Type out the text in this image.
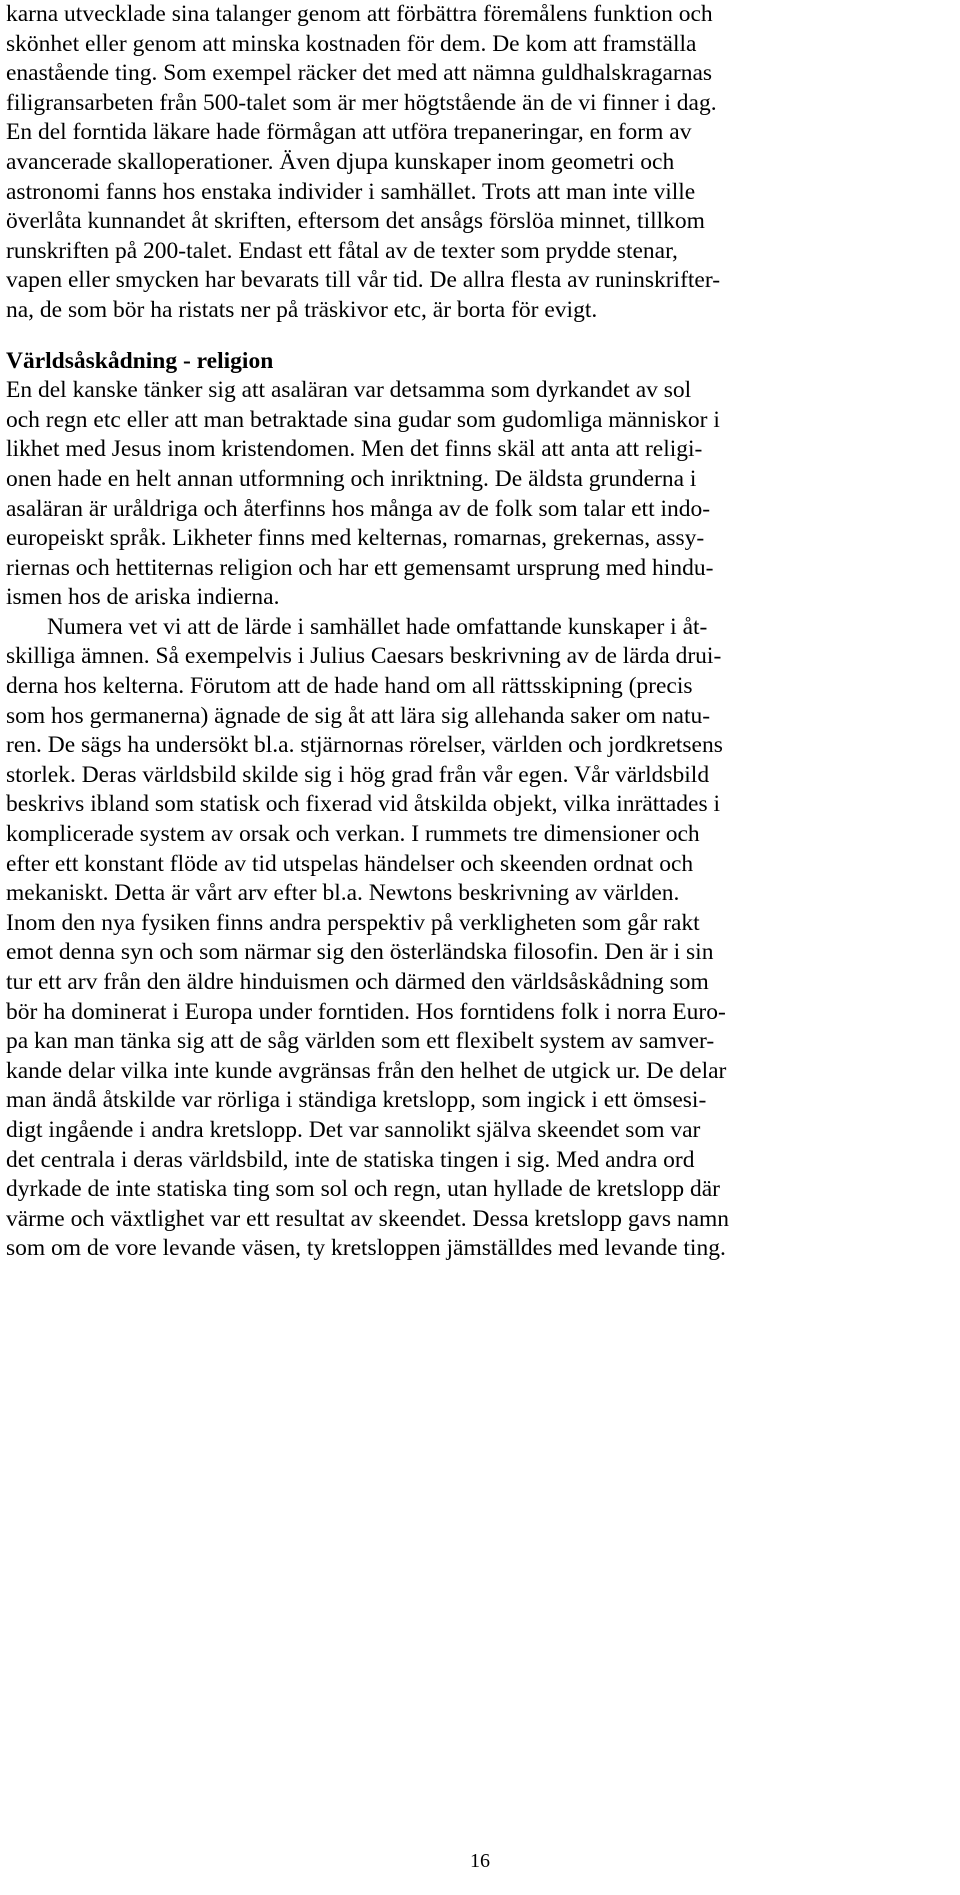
karna utvecklade sina talanger genom att förbättra föremålens funktion och
skönhet eller genom att minska kostnaden för dem. De kom att framställa
enastående ting. Som exempel räcker det med att nämna guldhalskragarnas
filigransarbeten från 500-talet som är mer högtstående än de vi finner i dag.
En del forntida läkare hade förmågan att utföra trepaneringar, en form av
avancerade skalloperationer. Även djupa kunskaper inom geometri och
astronomi fanns hos enstaka individer i samhället. Trots att man inte ville
överlåta kunnandet åt skriften, eftersom det ansågs förslöa minnet, tillkom
runskriften på 200-talet. Endast ett fåtal av de texter som prydde stenar,
vapen eller smycken har bevarats till vår tid. De allra flesta av runinskrifter-
na, de som bör ha ristats ner på träskivor etc, är borta för evigt.
Världsåskådning - religion
En del kanske tänker sig att asaläran var detsamma som dyrkandet av sol
och regn etc eller att man betraktade sina gudar som gudomliga människor i
likhet med Jesus inom kristendomen. Men det finns skäl att anta att religi-
onen hade en helt annan utformning och inriktning. De äldsta grunderna i
asaläran är uråldriga och återfinns hos många av de folk som talar ett indo-
europeiskt språk. Likheter finns med kelternas, romarnas, grekernas, assy-
riernas och hettiternas religion och har ett gemensamt ursprung med hindu-
ismen hos de ariska indierna.
Numera vet vi att de lärde i samhället hade omfattande kunskaper i åt-
skilliga ämnen. Så exempelvis i Julius Caesars beskrivning av de lärda drui-
derna hos kelterna. Förutom att de hade hand om all rättsskipning (precis
som hos germanerna) ägnade de sig åt att lära sig allehanda saker om natu-
ren. De sägs ha undersökt bl.a. stjärnornas rörelser, världen och jordkretsens
storlek. Deras världsbild skilde sig i hög grad från vår egen. Vår världsbild
beskrivs ibland som statisk och fixerad vid åtskilda objekt, vilka inrättades i
komplicerade system av orsak och verkan. I rummets tre dimensioner och
efter ett konstant flöde av tid utspelas händelser och skeenden ordnat och
mekaniskt. Detta är vårt arv efter bl.a. Newtons beskrivning av världen.
Inom den nya fysiken finns andra perspektiv på verkligheten som går rakt
emot denna syn och som närmar sig den österländska filosofin. Den är i sin
tur ett arv från den äldre hinduismen och därmed den världsåskådning som
bör ha dominerat i Europa under forntiden. Hos forntidens folk i norra Euro-
pa kan man tänka sig att de såg världen som ett flexibelt system av samver-
kande delar vilka inte kunde avgränsas från den helhet de utgick ur. De delar
man ändå åtskilde var rörliga i ständiga kretslopp, som ingick i ett ömsesi-
digt ingående i andra kretslopp. Det var sannolikt själva skeendet som var
det centrala i deras världsbild, inte de statiska tingen i sig. Med andra ord
dyrkade de inte statiska ting som sol och regn, utan hyllade de kretslopp där
värme och växtlighet var ett resultat av skeendet. Dessa kretslopp gavs namn
som om de vore levande väsen, ty kretsloppen jämställdes med levande ting.
16
